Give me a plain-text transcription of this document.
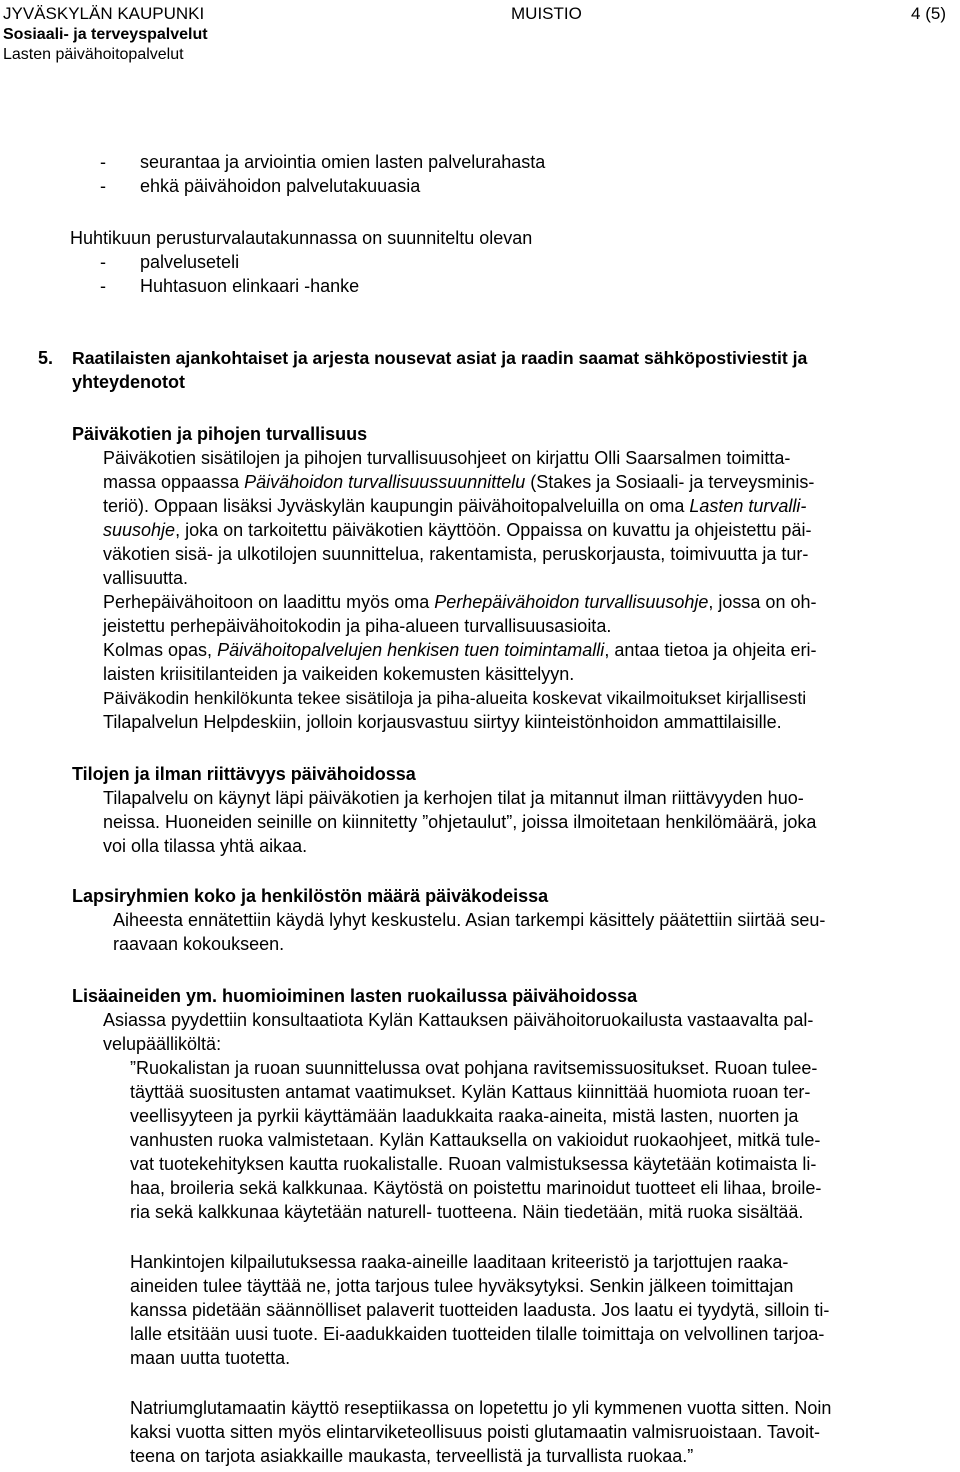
JYVÄSKYLÄN KAUPUNKI	MUISTIO	4 (5)
Sosiaali- ja terveyspalvelut
Lasten päivähoitopalvelut
- seurantaa ja arviointia omien lasten palvelurahasta
- ehkä päivähoidon palvelutakuuasia
Huhtikuun perusturvalautakunnassa on suunniteltu olevan
- palveluseteli
- Huhtasuon elinkaari -hanke
5. Raatilaisten ajankohtaiset ja arjesta nousevat asiat ja raadin saamat sähköpostiviestit ja
yhteydenotot
Päiväkotien ja pihojen turvallisuus
Päiväkotien sisätilojen ja pihojen turvallisuusohjeet on kirjattu Olli Saarsalmen toimitta-
massa oppaassa Päivähoidon turvallisuussuunnittelu (Stakes ja Sosiaali- ja terveysminis-
teriö). Oppaan lisäksi Jyväskylän kaupungin päivähoitopalveluilla on oma Lasten turvalli-
suusohje, joka on tarkoitettu päiväkotien käyttöön. Oppaissa on kuvattu ja ohjeistettu päi-
väkotien sisä- ja ulkotilojen suunnittelua, rakentamista, peruskorjausta, toimivuutta ja tur-
vallisuutta.
Perhepäivähoitoon on laadittu myös oma Perhepäivähoidon turvallisuusohje, jossa on oh-
jeistettu perhepäivähoitokodin ja piha-alueen turvallisuusasioita.
Kolmas opas, Päivähoitopalvelujen henkisen tuen toimintamalli, antaa tietoa ja ohjeita eri-
laisten kriisitilanteiden ja vaikeiden kokemusten käsittelyyn.
Päiväkodin henkilökunta tekee sisätiloja ja piha-alueita koskevat vikailmoitukset kirjallisesti
Tilapalvelun Helpdeskiin, jolloin korjausvastuu siirtyy kiinteistönhoidon ammattilaisille.
Tilojen ja ilman riittävyys päivähoidossa
Tilapalvelu on käynyt läpi päiväkotien ja kerhojen tilat ja mitannut ilman riittävyyden huo-
neissa. Huoneiden seinille on kiinnitetty ”ohjetaulut”, joissa ilmoitetaan henkilömäärä, joka
voi olla tilassa yhtä aikaa.
Lapsiryhmien koko ja henkilöstön määrä päiväkodeissa
Aiheesta ennätettiin käydä lyhyt keskustelu. Asian tarkempi käsittely päätettiin siirtää seu-
raavaan kokoukseen.
Lisäaineiden ym. huomioiminen lasten ruokailussa päivähoidossa
Asiassa pyydettiin konsultaatiota Kylän Kattauksen päivähoitoruokailusta vastaavalta pal-
velupäälliköltä:
”Ruokalistan ja ruoan suunnittelussa ovat pohjana ravitsemissuositukset. Ruoan tulee-
täyttää suositusten antamat vaatimukset. Kylän Kattaus kiinnittää huomiota ruoan ter-
veellisyyteen ja pyrkii käyttämään laadukkaita raaka-aineita, mistä lasten, nuorten ja
vanhusten ruoka valmistetaan. Kylän Kattauksella on vakioidut ruokaohjeet, mitkä tule-
vat tuotekehityksen kautta ruokalistalle. Ruoan valmistuksessa käytetään kotimaista li-
haa, broileria sekä kalkkunaa. Käytöstä on poistettu marinoidut tuotteet eli lihaa, broile-
ria sekä kalkkunaa käytetään naturell- tuotteena. Näin tiedetään, mitä ruoka sisältää.
Hankintojen kilpailutuksessa raaka-aineille laaditaan kriteeristö ja tarjottujen raaka-
aineiden tulee täyttää ne, jotta tarjous tulee hyväksytyksi. Senkin jälkeen toimittajan
kanssa pidetään säännölliset palaverit tuotteiden laadusta. Jos laatu ei tyydytä, silloin ti-
lalle etsitään uusi tuote. Ei-aadukkaiden tuotteiden tilalle toimittaja on velvollinen tarjoa-
maan uutta tuotetta.
Natriumglutamaatin käyttö reseptiikassa on lopetettu jo yli kymmenen vuotta sitten. Noin
kaksi vuotta sitten myös elintarviketeollisuus poisti glutamaatin valmisruoistaan. Tavoit-
teena on tarjota asiakkaille maukasta, terveellistä ja turvallista ruokaa.”
